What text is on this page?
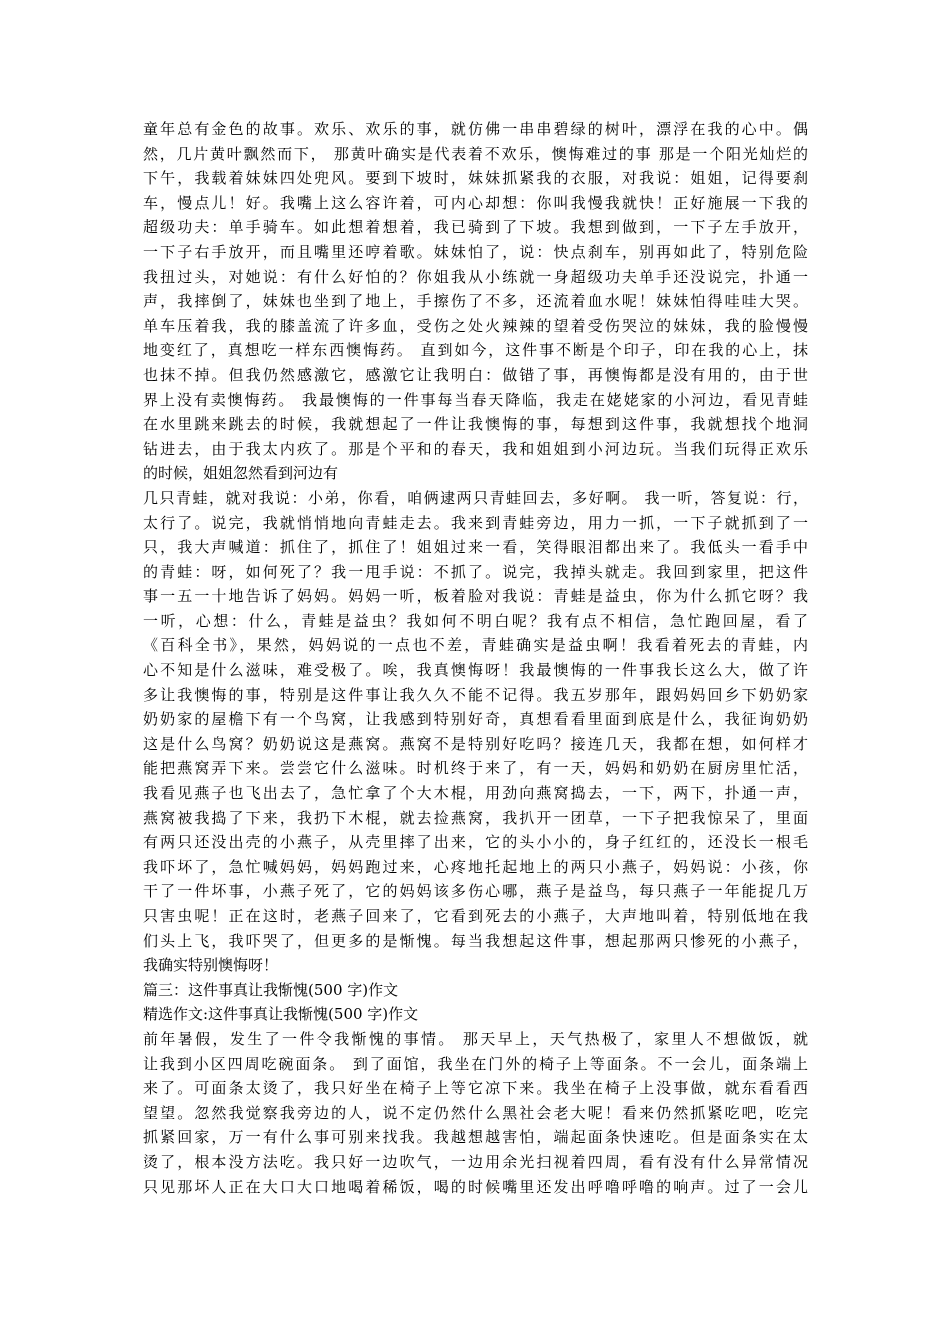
童年总有金色的故事。欢乐、欢乐的事，就仿佛一串串碧绿的树叶，漂浮在我的心中。偶
然，几片黄叶飘然而下， 那黄叶确实是代表着不欢乐，懊悔难过的事 那是一个阳光灿烂的
下午，我载着妹妹四处兜风。要到下坡时，妹妹抓紧我的衣服，对我说：姐姐，记得要刹
车，慢点儿！好。我嘴上这么容许着，可内心却想：你叫我慢我就快！正好施展一下我的
超级功夫：单手骑车。如此想着想着，我已骑到了下坡。我想到做到，一下子左手放开，
一下子右手放开，而且嘴里还哼着歌。妹妹怕了，说：快点刹车，别再如此了，特别危险
我扭过头，对她说：有什么好怕的？你姐我从小练就一身超级功夫单手还没说完，扑通一
声，我摔倒了，妹妹也坐到了地上，手擦伤了不多，还流着血水呢！妹妹怕得哇哇大哭。
单车压着我，我的膝盖流了许多血，受伤之处火辣辣的望着受伤哭泣的妹妹，我的脸慢慢
地变红了，真想吃一样东西懊悔药。 直到如今，这件事不断是个印子，印在我的心上，抹
也抹不掉。但我仍然感激它，感激它让我明白：做错了事，再懊悔都是没有用的，由于世
界上没有卖懊悔药。 我最懊悔的一件事每当春天降临，我走在姥姥家的小河边，看见青蛙
在水里跳来跳去的时候，我就想起了一件让我懊悔的事，每想到这件事，我就想找个地洞
钻进去，由于我太内疚了。那是个平和的春天，我和姐姐到小河边玩。当我们玩得正欢乐
的时候，姐姐忽然看到河边有
几只青蛙，就对我说：小弟，你看，咱俩逮两只青蛙回去，多好啊。 我一听，答复说：行，
太行了。说完，我就悄悄地向青蛙走去。我来到青蛙旁边，用力一抓，一下子就抓到了一
只，我大声喊道：抓住了，抓住了！姐姐过来一看，笑得眼泪都出来了。我低头一看手中
的青蛙：呀，如何死了？我一甩手说：不抓了。说完，我掉头就走。我回到家里，把这件
事一五一十地告诉了妈妈。妈妈一听，板着脸对我说：青蛙是益虫，你为什么抓它呀？我
一听，心想：什么，青蛙是益虫？我如何不明白呢？我有点不相信，急忙跑回屋，看了
《百科全书》，果然，妈妈说的一点也不差，青蛙确实是益虫啊！我看着死去的青蛙，内
心不知是什么滋味，难受极了。唉，我真懊悔呀！我最懊悔的一件事我长这么大，做了许
多让我懊悔的事，特别是这件事让我久久不能不记得。我五岁那年，跟妈妈回乡下奶奶家
奶奶家的屋檐下有一个鸟窝，让我感到特别好奇，真想看看里面到底是什么，我征询奶奶
这是什么鸟窝？奶奶说这是燕窝。燕窝不是特别好吃吗？接连几天，我都在想，如何样才
能把燕窝弄下来。尝尝它什么滋味。时机终于来了，有一天，妈妈和奶奶在厨房里忙活，
我看见燕子也飞出去了，急忙拿了个大木棍，用劲向燕窝捣去，一下，两下，扑通一声，
燕窝被我捣了下来，我扔下木棍，就去捡燕窝，我扒开一团草，一下子把我惊呆了，里面
有两只还没出壳的小燕子，从壳里摔了出来，它的头小小的，身子红红的，还没长一根毛
我吓坏了，急忙喊妈妈，妈妈跑过来，心疼地托起地上的两只小燕子，妈妈说：小孩，你
干了一件坏事，小燕子死了，它的妈妈该多伤心哪，燕子是益鸟，每只燕子一年能捉几万
只害虫呢！正在这时，老燕子回来了，它看到死去的小燕子，大声地叫着，特别低地在我
们头上飞，我吓哭了，但更多的是惭愧。每当我想起这件事，想起那两只惨死的小燕子，
我确实特别懊悔呀！
篇三：这件事真让我惭愧(500 字)作文
精选作文:这件事真让我惭愧(500 字)作文
前年暑假，发生了一件令我惭愧的事情。 那天早上，天气热极了，家里人不想做饭，就
让我到小区四周吃碗面条。 到了面馆，我坐在门外的椅子上等面条。不一会儿，面条端上
来了。可面条太烫了，我只好坐在椅子上等它凉下来。我坐在椅子上没事做，就东看看西
望望。忽然我觉察我旁边的人，说不定仍然什么黑社会老大呢！看来仍然抓紧吃吧，吃完
抓紧回家，万一有什么事可别来找我。我越想越害怕，端起面条快速吃。但是面条实在太
烫了，根本没方法吃。我只好一边吹气，一边用余光扫视着四周，看有没有什么异常情况
只见那坏人正在大口大口地喝着稀饭，喝的时候嘴里还发出呼噜呼噜的响声。过了一会儿
